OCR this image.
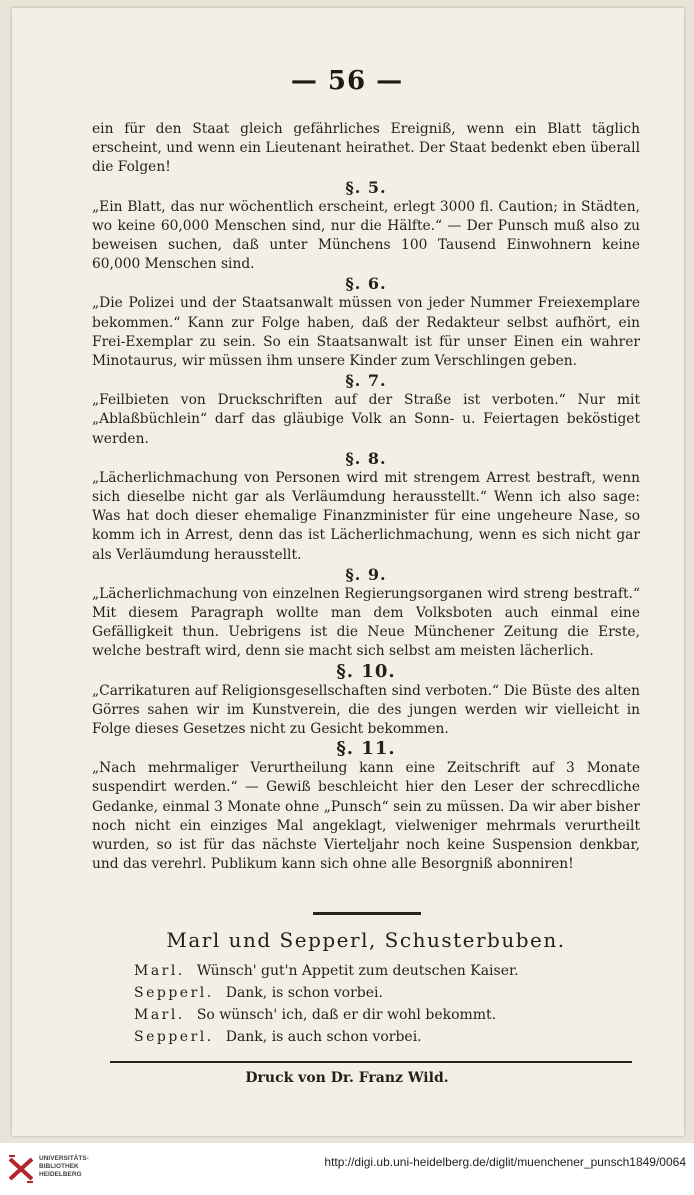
— 56 —

ein für den Staat gleich gefährliches Ereigniß, wenn ein Blatt täglich erscheint, und wenn ein Lieutenant heirathet. Der Staat bedenkt eben überall die Folgen!

§. 5.

„Ein Blatt, das nur wöchentlich erscheint, erlegt 3000 fl. Caution; in Städten, wo keine 60,000 Menschen sind, nur die Hälfte.“ — Der Punsch muß also zu beweisen suchen, daß unter Münchens 100 Tausend Einwohnern keine 60,000 Menschen sind.

§. 6.

„Die Polizei und der Staatsanwalt müssen von jeder Nummer Freiexemplare bekommen.“ Kann zur Folge haben, daß der Redakteur selbst aufhört, ein Frei-Exemplar zu sein. So ein Staatsanwalt ist für unser Einen ein wahrer Minotaurus, wir müssen ihm unsere Kinder zum Verschlingen geben.

§. 7.

„Feilbieten von Druckschriften auf der Straße ist verboten.“ Nur mit „Ablaßbüchlein“ darf das gläubige Volk an Sonn- u. Feiertagen beköstiget werden.

§. 8.

„Lächerlichmachung von Personen wird mit strengem Arrest bestraft, wenn sich dieselbe nicht gar als Verläumdung herausstellt.“ Wenn ich also sage: Was hat doch dieser ehemalige Finanzminister für eine ungeheure Nase, so komm ich in Arrest, denn das ist Lächerlichmachung, wenn es sich nicht gar als Verläumdung herausstellt.

§. 9.

„Lächerlichmachung von einzelnen Regierungsorganen wird streng bestraft.“ Mit diesem Paragraph wollte man dem Volksboten auch einmal eine Gefälligkeit thun. Uebrigens ist die Neue Münchener Zeitung die Erste, welche bestraft wird, denn sie macht sich selbst am meisten lächerlich.

§. 10.

„Carrikaturen auf Religionsgesellschaften sind verboten.“ Die Büste des alten Görres sahen wir im Kunstverein, die des jungen werden wir vielleicht in Folge dieses Gesetzes nicht zu Gesicht bekommen.

§. 11.

„Nach mehrmaliger Verurtheilung kann eine Zeitschrift auf 3 Monate suspendirt werden.“ — Gewiß beschleicht hier den Leser der schrecdliche Gedanke, einmal 3 Monate ohne „Punsch“ sein zu müssen. Da wir aber bisher noch nicht ein einziges Mal angeklagt, vielweniger mehrmals verurtheilt wurden, so ist für das nächste Vierteljahr noch keine Suspension denkbar, und das verehrl. Publikum kann sich ohne alle Besorgniß abonniren!

Marl und Sepperl, Schusterbuben.
Marl. Wünsch' gut'n Appetit zum deutschen Kaiser.
Sepperl. Dank, is schon vorbei.
Marl. So wünsch' ich, daß er dir wohl bekommt.
Sepperl. Dank, is auch schon vorbei.
Druck von Dr. Franz Wild.
UNIVERSITÄTS-
BIBLIOTHEK
HEIDELBERG
http://digi.ub.uni-heidelberg.de/diglit/muenchener_punsch1849/0064
